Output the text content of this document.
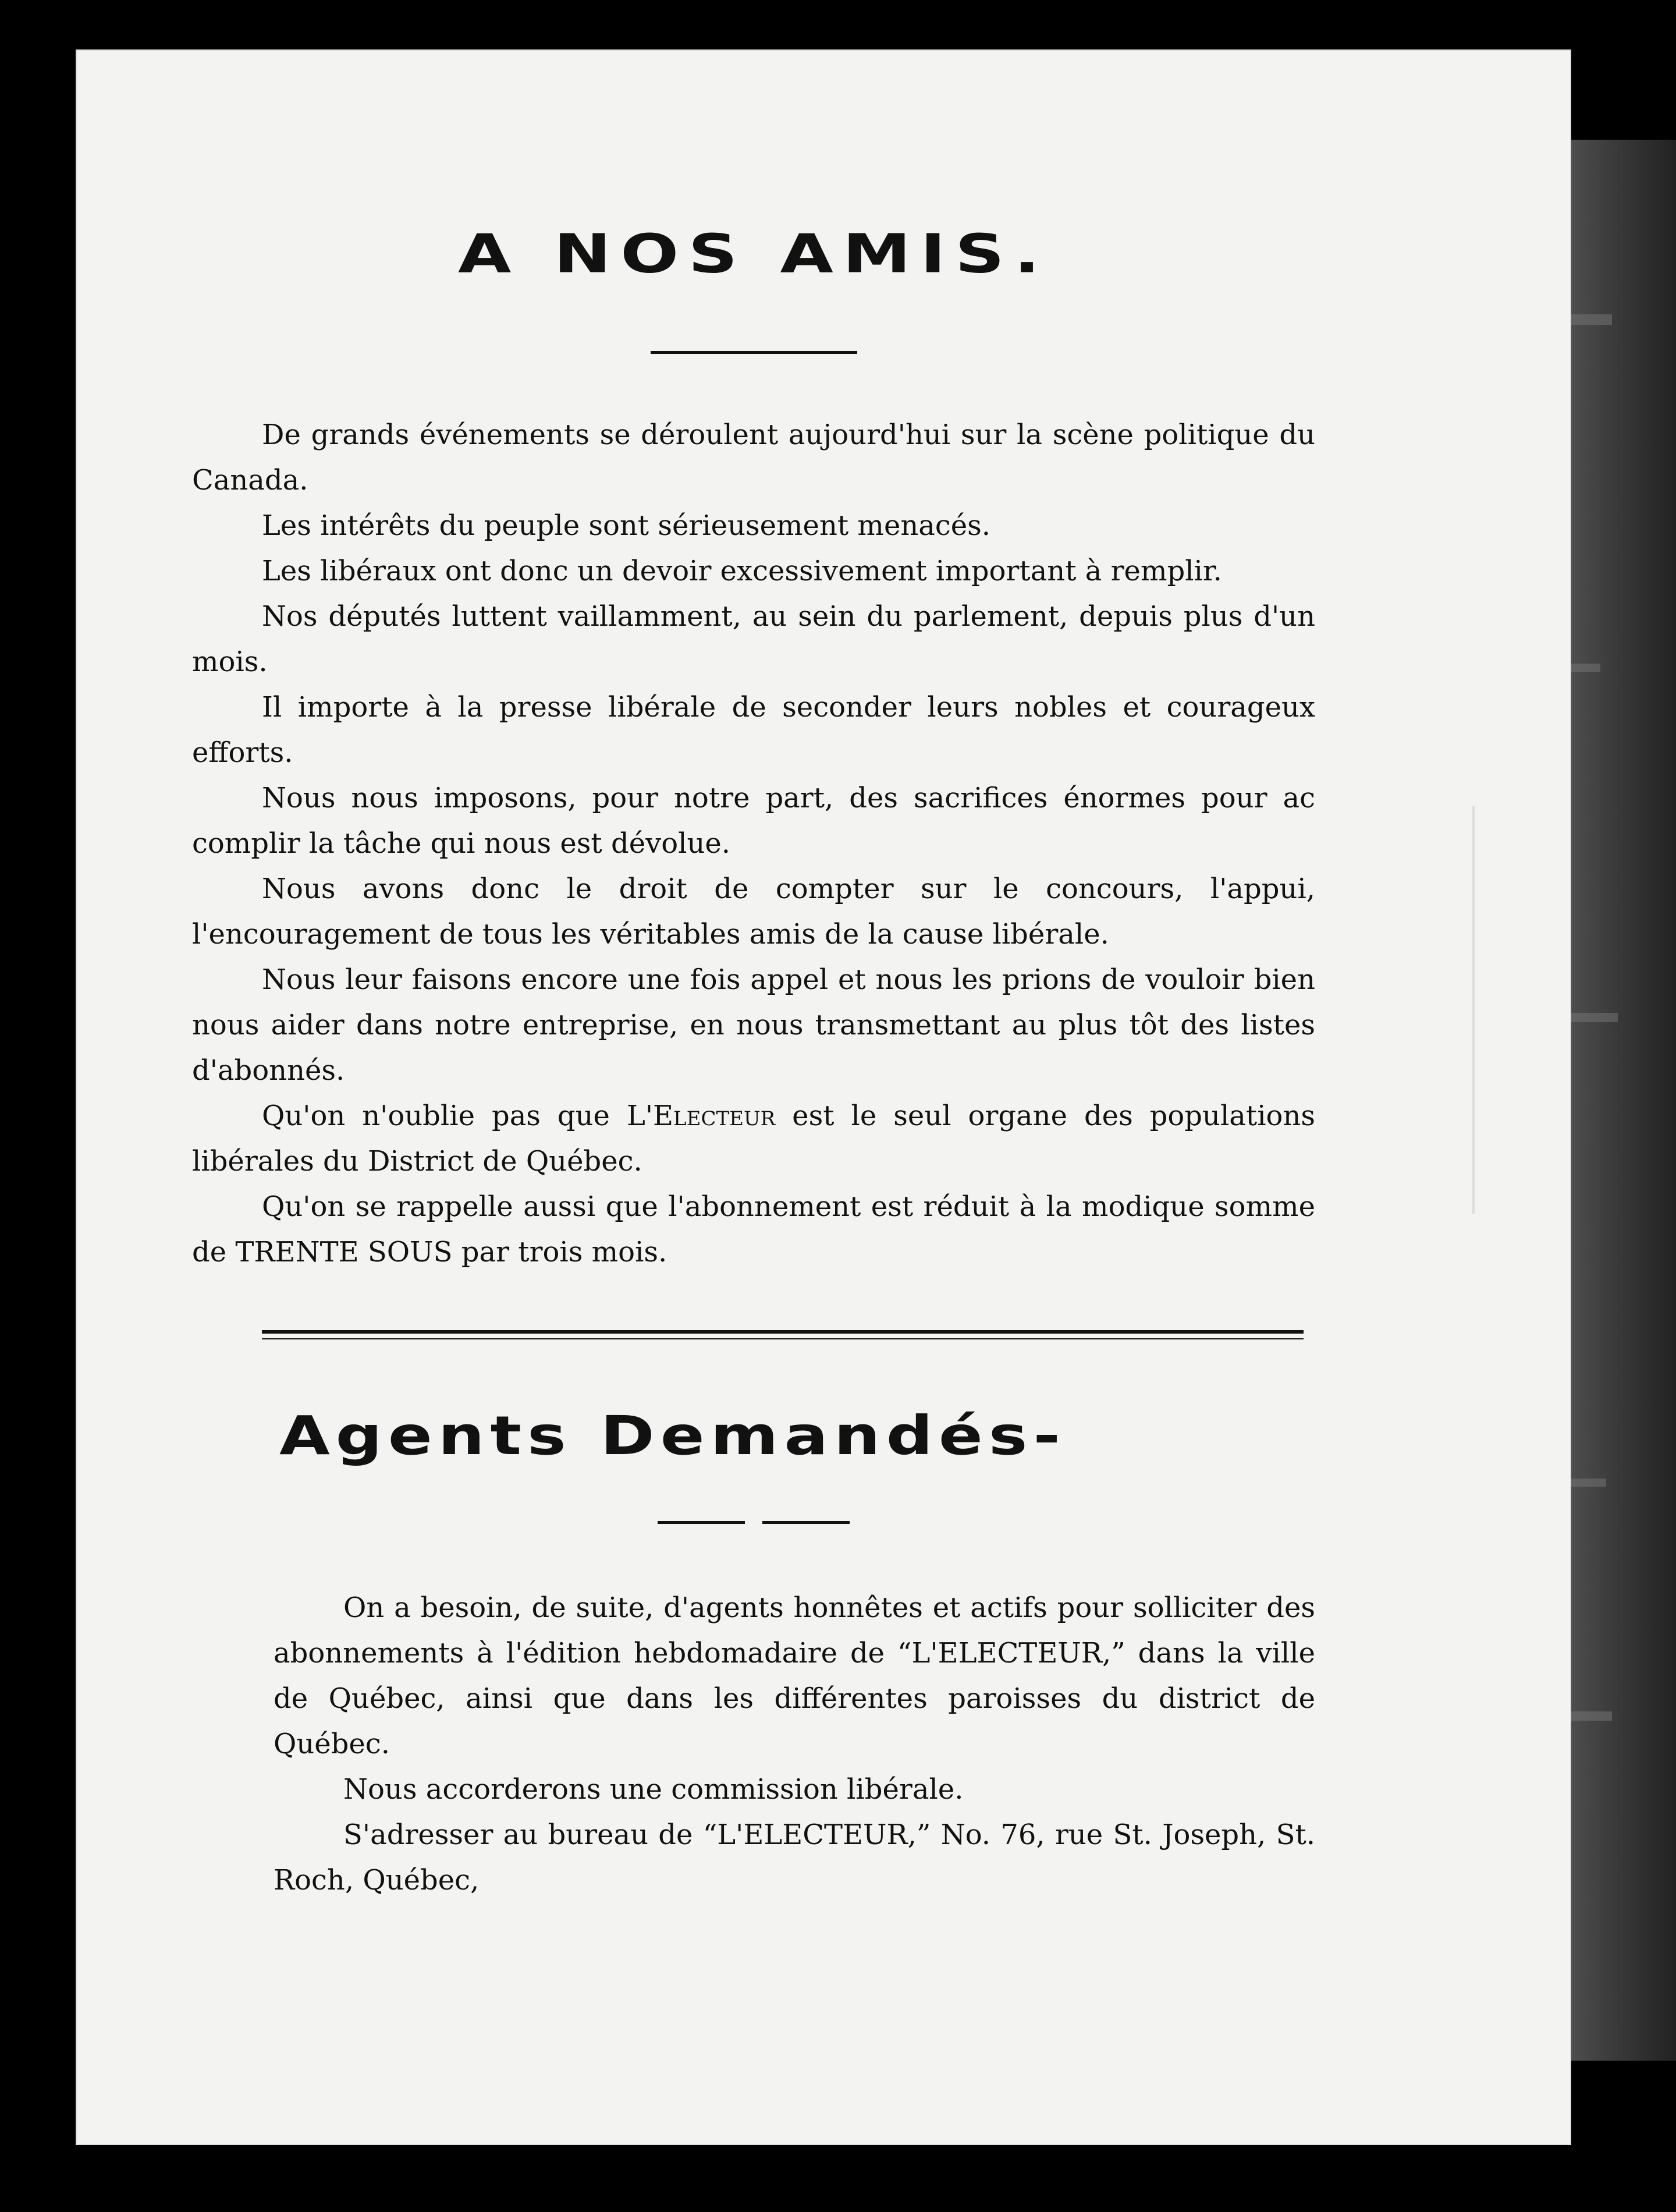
A NOS AMIS.

De grands événements se déroulent aujourd'hui sur la scène politique du Canada.

Les intérêts du peuple sont sérieusement menacés.

Les libéraux ont donc un devoir excessivement important à remplir.

Nos députés luttent vaillamment, au sein du parlement, depuis plus d'un mois.

Il importe à la presse libérale de seconder leurs nobles et courageux efforts.

Nous nous imposons, pour notre part, des sacrifices énormes pour ac complir la tâche qui nous est dévolue.

Nous avons donc le droit de compter sur le concours, l'appui, l'encouragement de tous les véritables amis de la cause libérale.

Nous leur faisons encore une fois appel et nous les prions de vouloir bien nous aider dans notre entreprise, en nous transmettant au plus tôt des listes d'abonnés.

Qu'on n'oublie pas que L'Electeur est le seul organe des populations libérales du District de Québec.

Qu'on se rappelle aussi que l'abonnement est réduit à la modique somme de TRENTE SOUS par trois mois.

Agents Demandés-

On a besoin, de suite, d'agents honnêtes et actifs pour solliciter des abonnements à l'édition hebdomadaire de “L'ELECTEUR,” dans la ville de Québec, ainsi que dans les différentes paroisses du district de Québec.

Nous accorderons une commission libérale.

S'adresser au bureau de “L'ELECTEUR,” No. 76, rue St. Joseph, St. Roch, Québec,
